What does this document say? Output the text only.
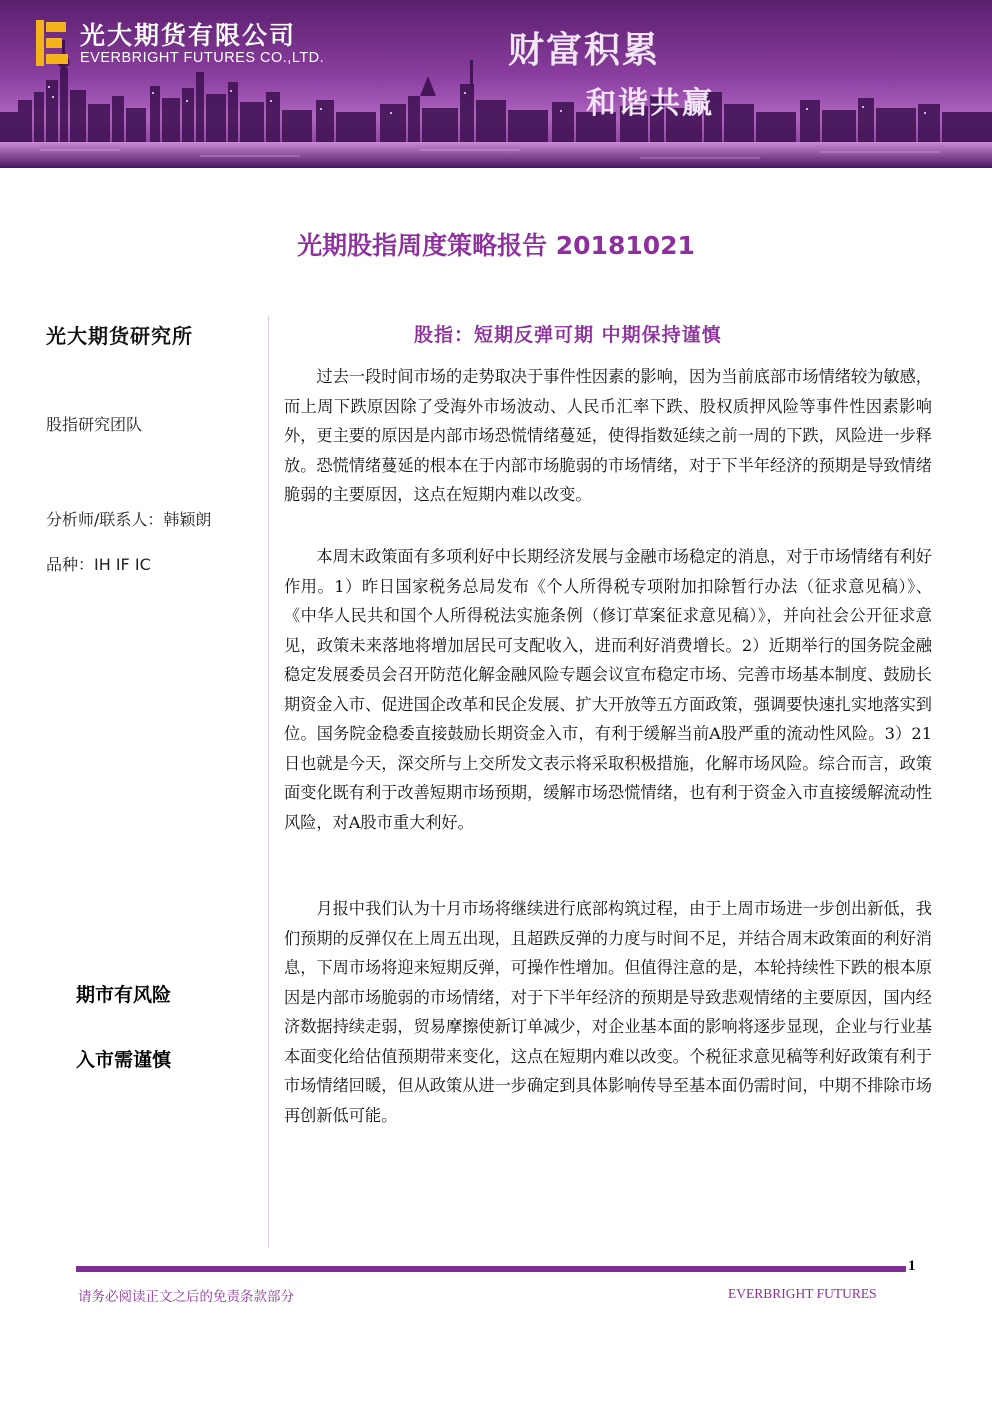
光大期货有限公司
EVERBRIGHT FUTURES CO.,LTD.	财富积累
和谐共赢
光期股指周度策略报告 20181021
光大期货研究所
股指研究团队
分析师/联系人：韩颖朗
品种：IH IF IC
期市有风险
入市需谨慎
股指：短期反弹可期 中期保持谨慎

过去一段时间市场的走势取决于事件性因素的影响，因为当前底部市场情绪较为敏感，而上周下跌原因除了受海外市场波动、人民币汇率下跌、股权质押风险等事件性因素影响外，更主要的原因是内部市场恐慌情绪蔓延，使得指数延续之前一周的下跌，风险进一步释放。恐慌情绪蔓延的根本在于内部市场脆弱的市场情绪，对于下半年经济的预期是导致情绪脆弱的主要原因，这点在短期内难以改变。

本周末政策面有多项利好中长期经济发展与金融市场稳定的消息，对于市场情绪有利好作用。1）昨日国家税务总局发布《个人所得税专项附加扣除暂行办法（征求意见稿）》、《中华人民共和国个人所得税法实施条例（修订草案征求意见稿）》，并向社会公开征求意见，政策未来落地将增加居民可支配收入，进而利好消费增长。2）近期举行的国务院金融稳定发展委员会召开防范化解金融风险专题会议宣布稳定市场、完善市场基本制度、鼓励长期资金入市、促进国企改革和民企发展、扩大开放等五方面政策，强调要快速扎实地落实到位。国务院金稳委直接鼓励长期资金入市，有利于缓解当前A股严重的流动性风险。3）21日也就是今天，深交所与上交所发文表示将采取积极措施，化解市场风险。综合而言，政策面变化既有利于改善短期市场预期，缓解市场恐慌情绪，也有利于资金入市直接缓解流动性风险，对A股市重大利好。

月报中我们认为十月市场将继续进行底部构筑过程，由于上周市场进一步创出新低，我们预期的反弹仅在上周五出现，且超跌反弹的力度与时间不足，并结合周末政策面的利好消息，下周市场将迎来短期反弹，可操作性增加。但值得注意的是，本轮持续性下跌的根本原因是内部市场脆弱的市场情绪，对于下半年经济的预期是导致悲观情绪的主要原因，国内经济数据持续走弱，贸易摩擦使新订单减少，对企业基本面的影响将逐步显现，企业与行业基本面变化给估值预期带来变化，这点在短期内难以改变。个税征求意见稿等利好政策有利于市场情绪回暖，但从政策从进一步确定到具体影响传导至基本面仍需时间，中期不排除市场再创新低可能。

1
请务必阅读正文之后的免责条款部分	EVERBRIGHT FUTURES
